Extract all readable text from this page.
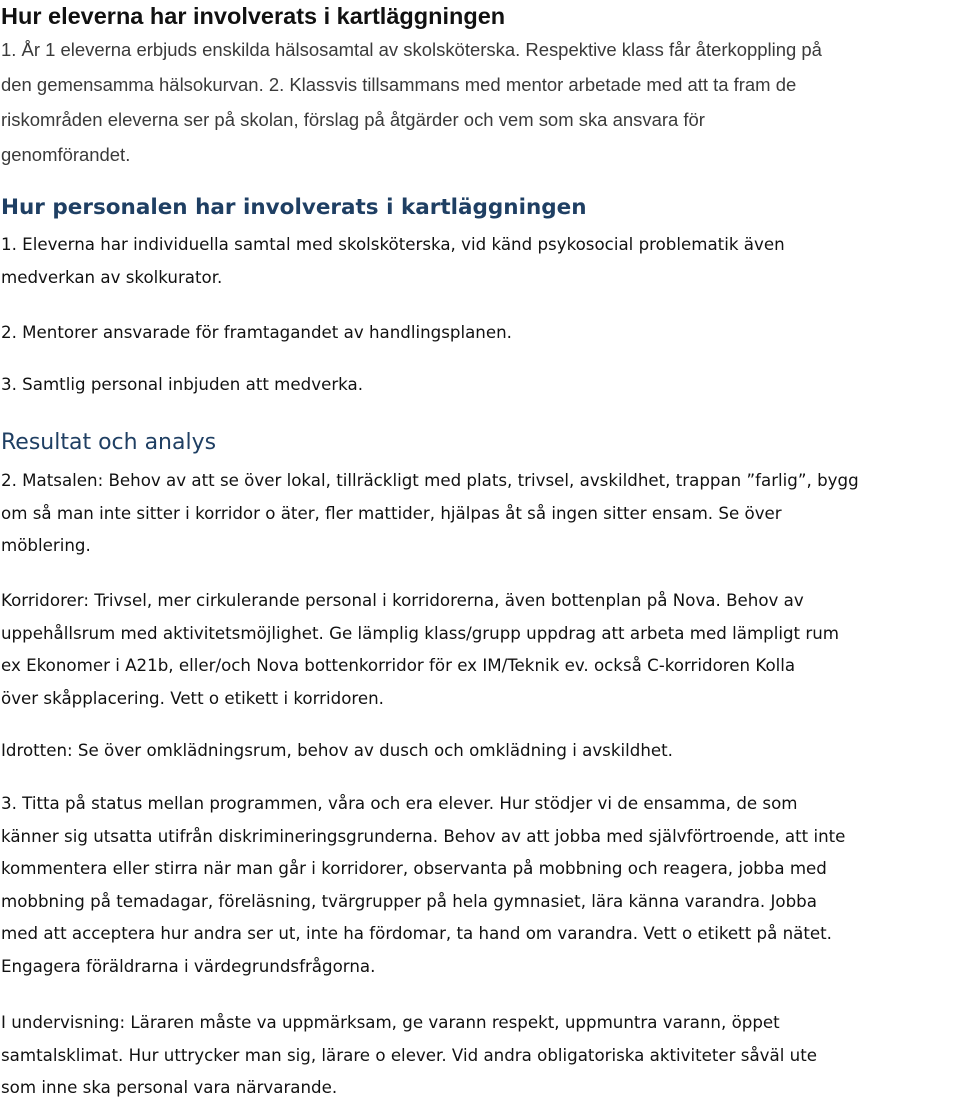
Hur eleverna har involverats i kartläggningen
1. År 1 eleverna erbjuds enskilda hälsosamtal av skolsköterska. Respektive klass får återkoppling på
den gemensamma hälsokurvan. 2. Klassvis tillsammans med mentor arbetade med att ta fram de
riskområden eleverna ser på skolan, förslag på åtgärder och vem som ska ansvara för
genomförandet.
Hur personalen har involverats i kartläggningen
1. Eleverna har individuella samtal med skolsköterska, vid känd psykosocial problematik även
medverkan av skolkurator.
2. Mentorer ansvarade för framtagandet av handlingsplanen.
3. Samtlig personal inbjuden att medverka.
Resultat och analys
2. Matsalen: Behov av att se över lokal, tillräckligt med plats, trivsel, avskildhet, trappan ”farlig”, bygg
om så man inte sitter i korridor o äter, fler mattider, hjälpas åt så ingen sitter ensam. Se över
möblering.
Korridorer: Trivsel, mer cirkulerande personal i korridorerna, även bottenplan på Nova. Behov av
uppehållsrum med aktivitetsmöjlighet. Ge lämplig klass/grupp uppdrag att arbeta med lämpligt rum
ex Ekonomer i A21b, eller/och Nova bottenkorridor för ex IM/Teknik ev. också C-korridoren Kolla
över skåpplacering. Vett o etikett i korridoren.
Idrotten: Se över omklädningsrum, behov av dusch och omklädning i avskildhet.
3. Titta på status mellan programmen, våra och era elever. Hur stödjer vi de ensamma, de som
känner sig utsatta utifrån diskrimineringsgrunderna. Behov av att jobba med självförtroende, att inte
kommentera eller stirra när man går i korridorer, observanta på mobbning och reagera, jobba med
mobbning på temadagar, föreläsning, tvärgrupper på hela gymnasiet, lära känna varandra. Jobba
med att acceptera hur andra ser ut, inte ha fördomar, ta hand om varandra. Vett o etikett på nätet.
Engagera föräldrarna i värdegrundsfrågorna.
I undervisning: Läraren måste va uppmärksam, ge varann respekt, uppmuntra varann, öppet
samtalsklimat. Hur uttrycker man sig, lärare o elever. Vid andra obligatoriska aktiviteter såväl ute
som inne ska personal vara närvarande.
